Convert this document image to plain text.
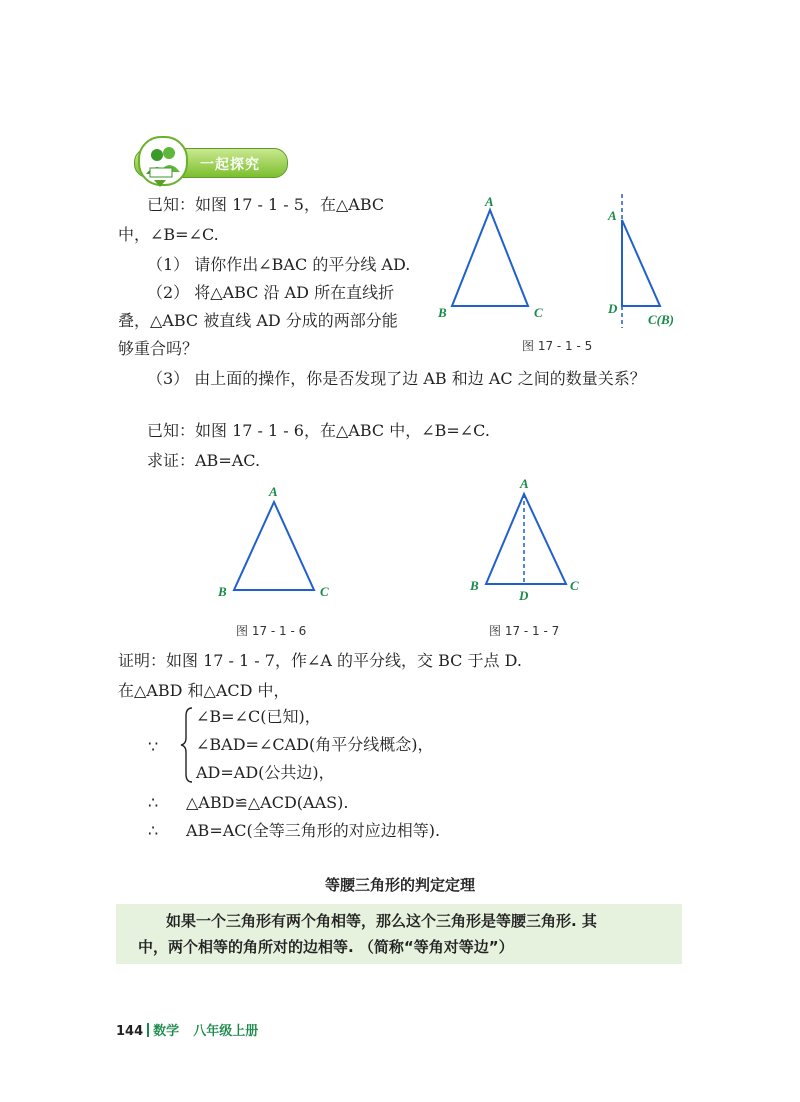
一起探究
已知：如图 17 - 1 - 5，在△ABC
中，∠B=∠C.
（1） 请你作出∠BAC 的平分线 AD.
（2） 将△ABC 沿 AD 所在直线折
叠，△ABC 被直线 AD 分成的两部分能
够重合吗？
（3） 由上面的操作，你是否发现了边 AB 和边 AC 之间的数量关系？
A
B	C
A
D
C(B)
图 17 - 1 - 5
已知：如图 17 - 1 - 6，在△ABC 中，∠B=∠C.
求证：AB=AC.
A
B	C
图 17 - 1 - 6
A
B	C
D
图 17 - 1 - 7
证明：如图 17 - 1 - 7，作∠A 的平分线，交 BC 于点 D.
在△ABD 和△ACD 中，
∵
∠B=∠C(已知)，
∠BAD=∠CAD(角平分线概念)，
AD=AD(公共边)，
∴ △ABD≌△ACD(AAS).
∴ AB=AC(全等三角形的对应边相等).
等腰三角形的判定定理
如果一个三角形有两个角相等，那么这个三角形是等腰三角形. 其
中，两个相等的角所对的边相等. （简称“等角对等边”）
144 数学 八年级上册
